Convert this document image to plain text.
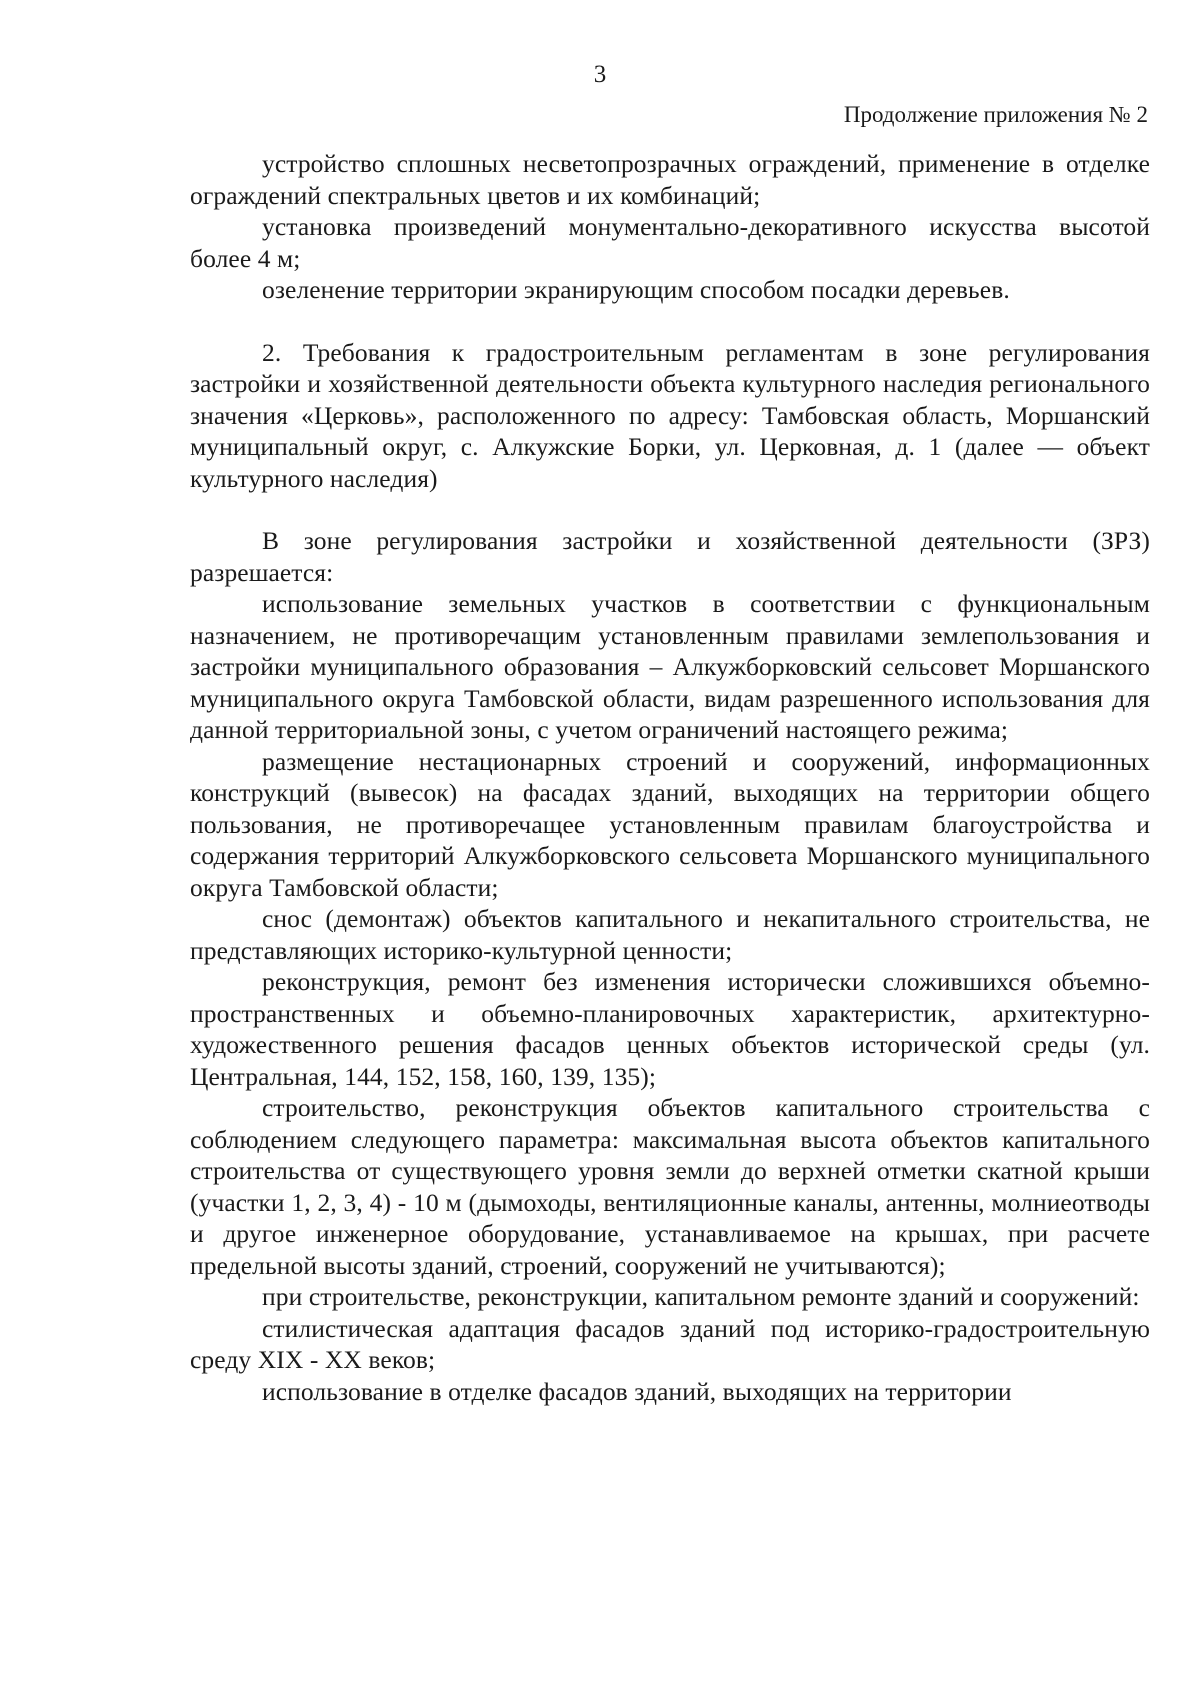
3
Продолжение приложения № 2

устройство сплошных несветопрозрачных ограждений, применение в отделке ограждений спектральных цветов и их комбинаций;

установка произведений монументально-декоративного искусства высотой более 4 м;

озеленение территории экранирующим способом посадки деревьев.

2. Требования к градостроительным регламентам в зоне регулирования застройки и хозяйственной деятельности объекта культурного наследия регионального значения «Церковь», расположенного по адресу: Тамбовская область, Моршанский муниципальный округ, с. Алкужские Борки, ул. Церковная, д. 1 (далее — объект культурного наследия)

В зоне регулирования застройки и хозяйственной деятельности (ЗРЗ) разрешается:

использование земельных участков в соответствии с функциональным назначением, не противоречащим установленным правилами землепользования и застройки муниципального образования – Алкужборковский сельсовет Моршанского муниципального округа Тамбовской области, видам разрешенного использования для данной территориальной зоны, с учетом ограничений настоящего режима;

размещение нестационарных строений и сооружений, информационных конструкций (вывесок) на фасадах зданий, выходящих на территории общего пользования, не противоречащее установленным правилам благоустройства и содержания территорий Алкужборковского сельсовета Моршанского муниципального округа Тамбовской области;

снос (демонтаж) объектов капитального и некапитального строительства, не представляющих историко-культурной ценности;

реконструкция, ремонт без изменения исторически сложившихся объемно-пространственных и объемно-планировочных характеристик, архитектурно-художественного решения фасадов ценных объектов исторической среды (ул. Центральная, 144, 152, 158, 160, 139, 135);

строительство, реконструкция объектов капитального строительства с соблюдением следующего параметра: максимальная высота объектов капитального строительства от существующего уровня земли до верхней отметки скатной крыши (участки 1, 2, 3, 4) - 10 м (дымоходы, вентиляционные каналы, антенны, молниеотводы и другое инженерное оборудование, устанавливаемое на крышах, при расчете предельной высоты зданий, строений, сооружений не учитываются);

при строительстве, реконструкции, капитальном ремонте зданий и сооружений:

стилистическая адаптация фасадов зданий под историко-градостроительную среду XIX - XX веков;

использование в отделке фасадов зданий, выходящих на территории
